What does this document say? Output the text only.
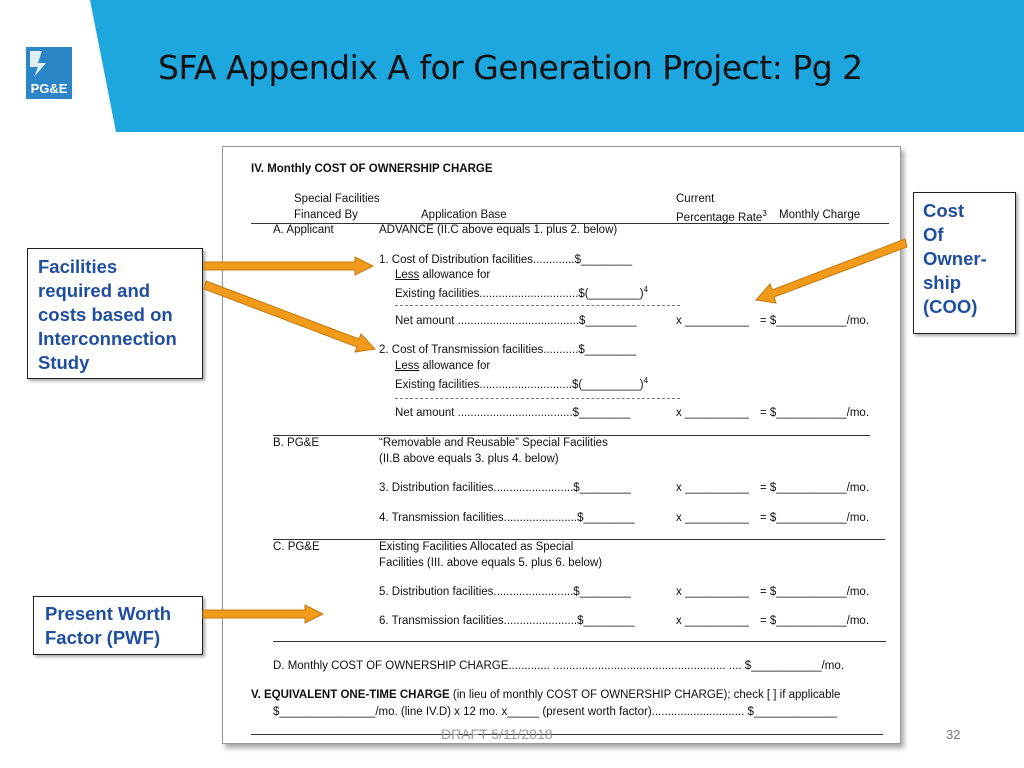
PG&E
SFA Appendix A for Generation Project: Pg 2
IV. Monthly COST OF OWNERSHIP CHARGE
Special Facilities
Financed By	Application Base
Current
Percentage Rate$^3$ Monthly Charge
A. Applicant	ADVANCE (II.C above equals 1. plus 2. below)
1. Cost of Distribution facilities.............$________
Less allowance for
Existing facilities...............................$(________)$^4$
Net amount ......................................$________	x __________ = $___________/mo.
2. Cost of Transmission facilities...........$________
Less allowance for
Existing facilities.............................$(_________)$^4$
Net amount ....................................$________	x __________ = $___________/mo.
B. PG&E	“Removable and Reusable” Special Facilities
(II.B above equals 3. plus 4. below)
3. Distribution facilities.........................$________	x __________ = $___________/mo.
4. Transmission facilities.......................$________	x __________ = $___________/mo.
C. PG&E	Existing Facilities Allocated as Special
Facilities (III. above equals 5. plus 6. below)
5. Distribution facilities.........................$________	x __________ = $___________/mo.
6. Transmission facilities.......................$________	x __________ = $___________/mo.
D. Monthly COST OF OWNERSHIP CHARGE............. ...................................................... .... $___________/mo.
V. EQUIVALENT ONE-TIME CHARGE (in lieu of monthly COST OF OWNERSHIP CHARGE); check [ ] if applicable
$_______________/mo. (line IV.D) x 12 mo. x_____ (present worth factor)............................. $_____________
Facilities
required and
costs based on
Interconnection
Study
Cost
Of
Owner-
ship
(COO)
Present Worth
Factor (PWF)
DRAFT 5/11/2018	32
